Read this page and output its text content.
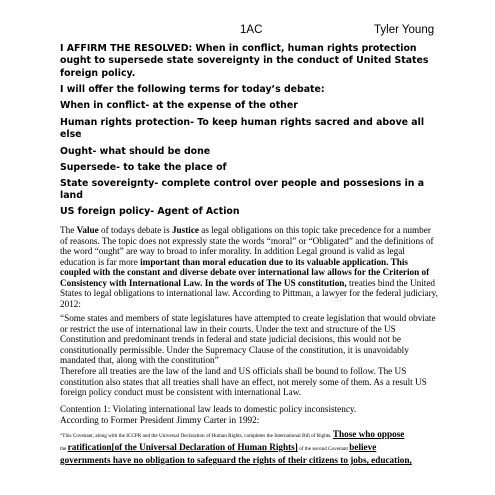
1AC	Tyler Young

I AFFIRM THE RESOLVED: When in conflict, human rights protection ought to supersede state sovereignty in the conduct of United States foreign policy.

I will offer the following terms for today’s debate:

When in conflict- at the expense of the other

Human rights protection- To keep human rights sacred and above all else

Ought- what should be done

Supersede- to take the place of

State sovereignty- complete control over people and possesions in a land

US foreign policy- Agent of Action

The Value of todays debate is Justice as legal obligations on this topic take precedence for a number of reasons. The topic does not expressly state the words “moral” or “Obligated” and the definitions of the word “ought” are way to broad to infer morality. In addition Legal ground is valid as legal education is far more important than moral education due to its valuable application. This coupled with the constant and diverse debate over international law allows for the Criterion of Consistency with International Law. In the words of The US constitution, treaties bind the United States to legal obligations to international law. According to Pittman, a lawyer for the federal judiciary, 2012:

“Some states and members of state legislatures have attempted to create legislation that would obviate or restrict the use of international law in their courts. Under the text and structure of the US Constitution and predominant trends in federal and state judicial decisions, this would not be constitutionally permissible. Under the Supremacy Clause of the constitution, it is unavoidably mandated that, along with the constitution”

Therefore all treaties are the law of the land and US officials shall be bound to follow. The US constitution also states that all treaties shall have an effect, not merely some of them. As a result US foreign policy conduct must be consistent with international Law.

Contention 1: Violating international law leads to domestic policy inconsistency.

According to Former President Jimmy Carter in 1992:

“This Covenant, along with the ICCPR and the Universal Declaration of Human Rights, completes the International Bill of Rights. Those who oppose
the ratification[of the Universal Declaration of Human Rights] of the second Covenant believe
governments have no obligation to safeguard the rights of their citizens to jobs, education,
